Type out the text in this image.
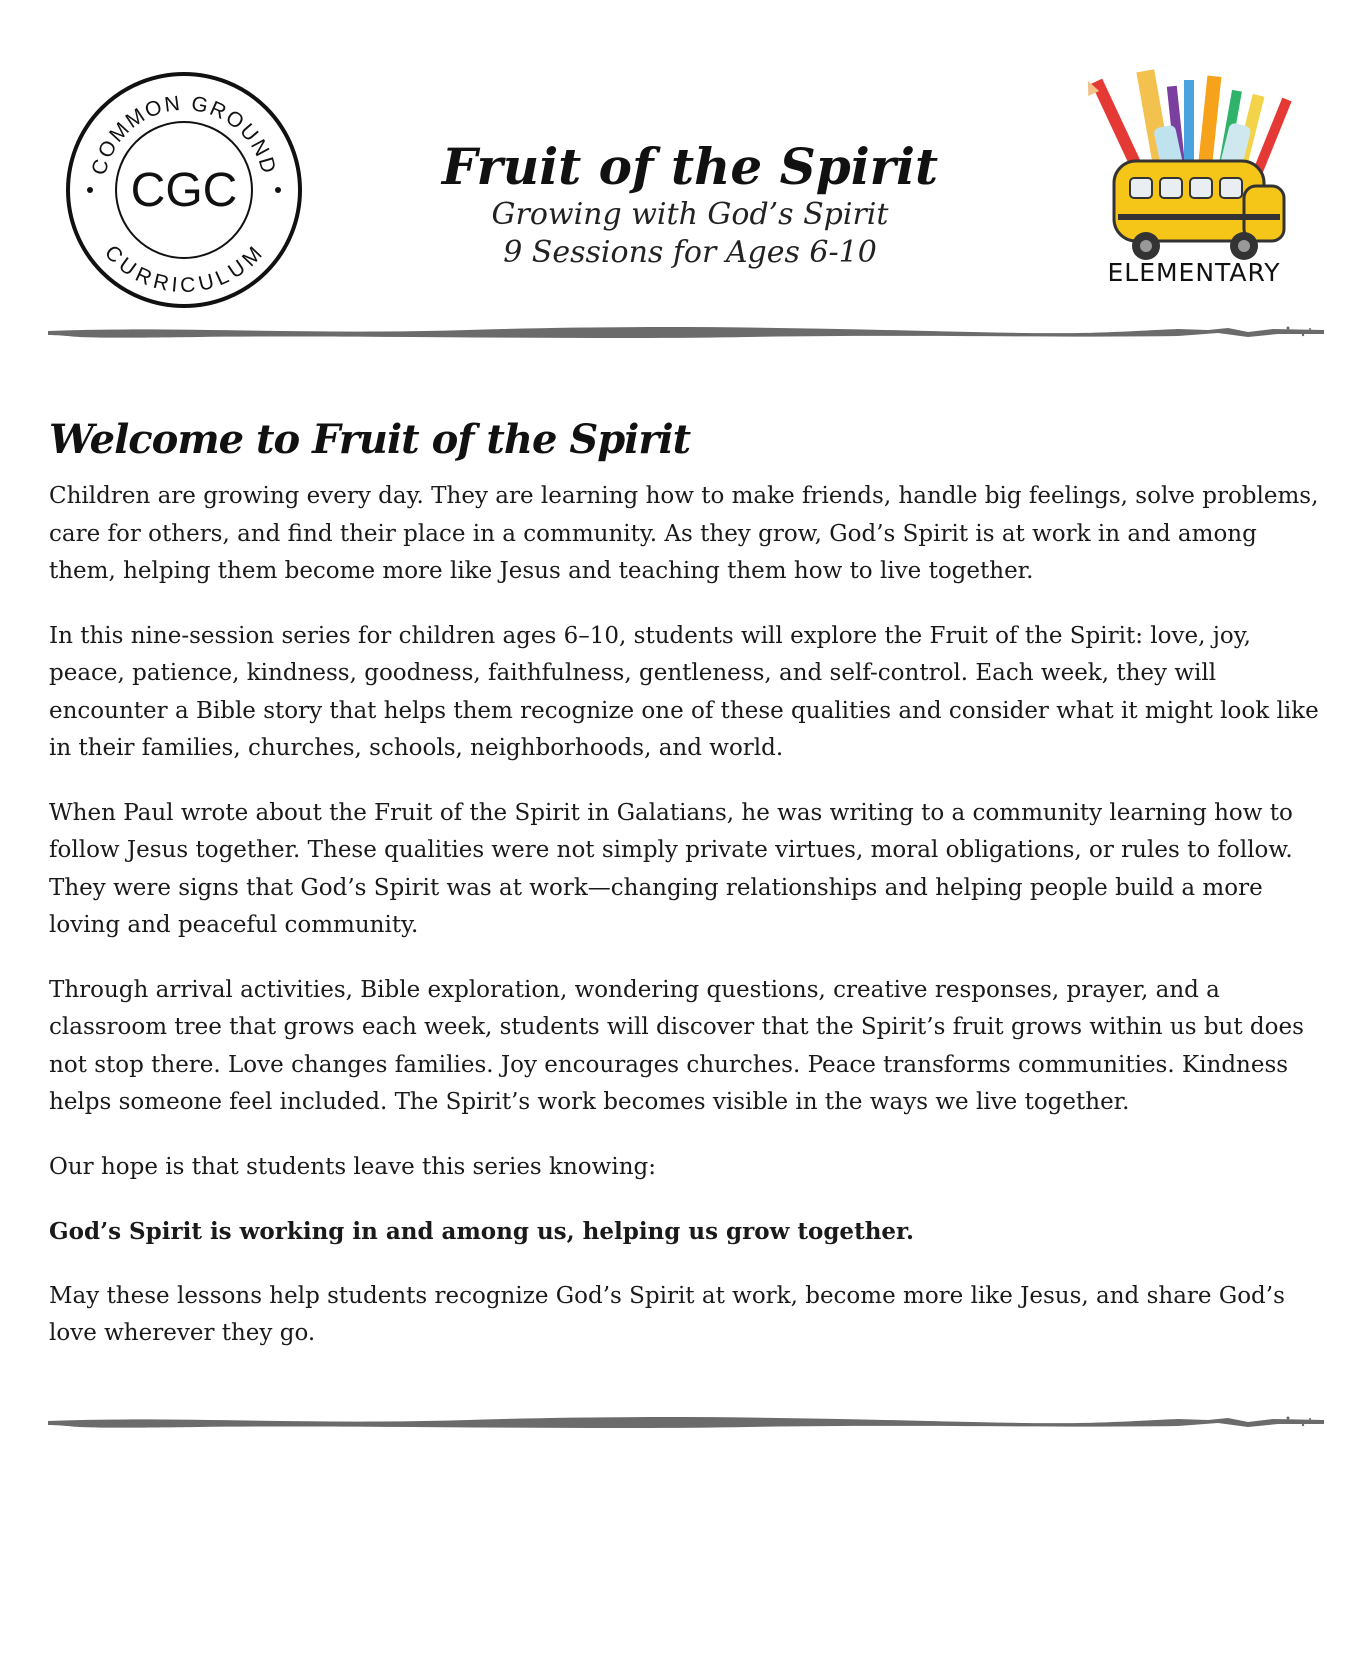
COMMON GROUND
CURRICULUM
CGC	Fruit of the Spirit

Growing with God’s Spirit

9 Sessions for Ages 6-10

ELEMENTARY
Welcome to Fruit of the Spirit

Children are growing every day. They are learning how to make friends, handle big feelings, solve problems, care for others, and find their place in a community. As they grow, God’s Spirit is at work in and among them, helping them become more like Jesus and teaching them how to live together.

In this nine-session series for children ages 6–10, students will explore the Fruit of the Spirit: love, joy, peace, patience, kindness, goodness, faithfulness, gentleness, and self-control. Each week, they will encounter a Bible story that helps them recognize one of these qualities and consider what it might look like in their families, churches, schools, neighborhoods, and world.

When Paul wrote about the Fruit of the Spirit in Galatians, he was writing to a community learning how to follow Jesus together. These qualities were not simply private virtues, moral obligations, or rules to follow. They were signs that God’s Spirit was at work—changing relationships and helping people build a more loving and peaceful community.

Through arrival activities, Bible exploration, wondering questions, creative responses, prayer, and a classroom tree that grows each week, students will discover that the Spirit’s fruit grows within us but does not stop there. Love changes families. Joy encourages churches. Peace transforms communities. Kindness helps someone feel included. The Spirit’s work becomes visible in the ways we live together.

Our hope is that students leave this series knowing:

God’s Spirit is working in and among us, helping us grow together.

May these lessons help students recognize God’s Spirit at work, become more like Jesus, and share God’s love wherever they go.
